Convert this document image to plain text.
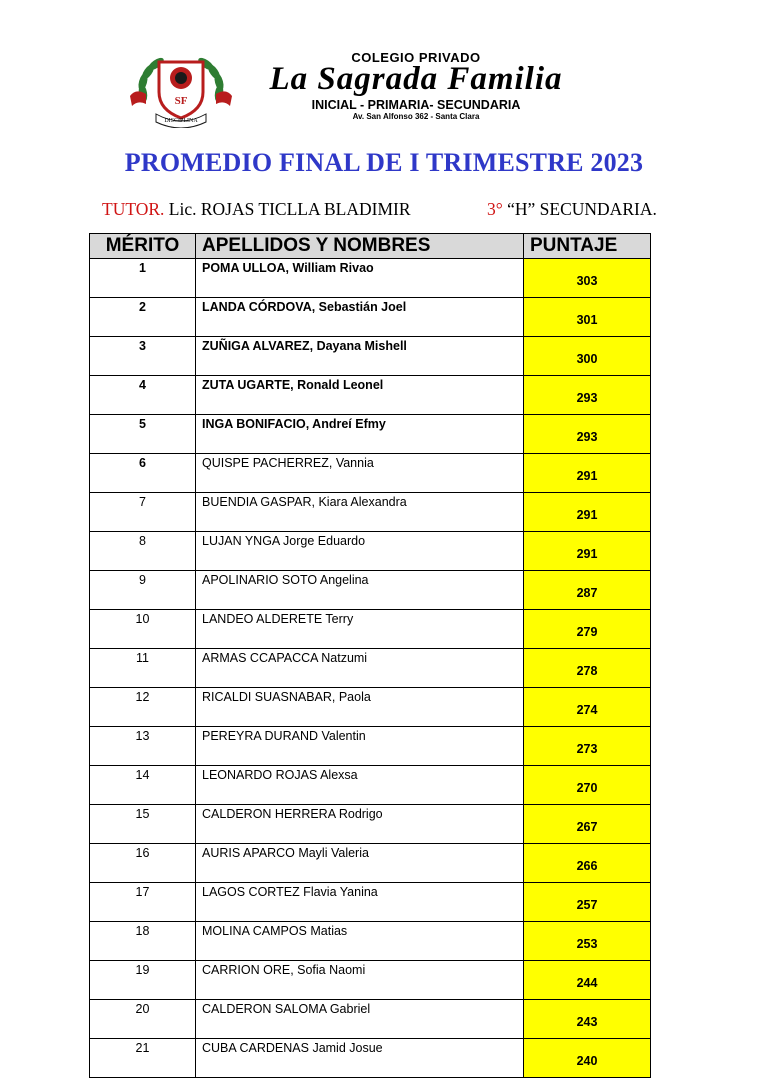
SF
DISCIPLINA
COLEGIO PRIVADO
La Sagrada Familia
INICIAL - PRIMARIA- SECUNDARIA
Av. San Alfonso 362 - Santa Clara
PROMEDIO FINAL DE I TRIMESTRE 2023
TUTOR. Lic. ROJAS TICLLA BLADIMIR	3° “H” SECUNDARIA.
MÉRITO	APELLIDOS Y NOMBRES	PUNTAJE
1	POMA ULLOA, William Rivao	303
2	LANDA CÓRDOVA, Sebastián Joel	301
3	ZUÑIGA ALVAREZ, Dayana Mishell	300
4	ZUTA UGARTE, Ronald Leonel	293
5	INGA BONIFACIO, Andreí Efmy	293
6	QUISPE PACHERREZ, Vannia	291
7	BUENDIA GASPAR, Kiara Alexandra	291
8	LUJAN YNGA Jorge Eduardo	291
9	APOLINARIO SOTO Angelina	287
10	LANDEO ALDERETE Terry	279
11	ARMAS CCAPACCA Natzumi	278
12	RICALDI SUASNABAR, Paola	274
13	PEREYRA DURAND Valentin	273
14	LEONARDO ROJAS Alexsa	270
15	CALDERON HERRERA Rodrigo	267
16	AURIS APARCO Mayli Valeria	266
17	LAGOS CORTEZ Flavia Yanina	257
18	MOLINA CAMPOS Matias	253
19	CARRION ORE, Sofia Naomi	244
20	CALDERON SALOMA Gabriel	243
21	CUBA CARDENAS Jamid Josue	240
